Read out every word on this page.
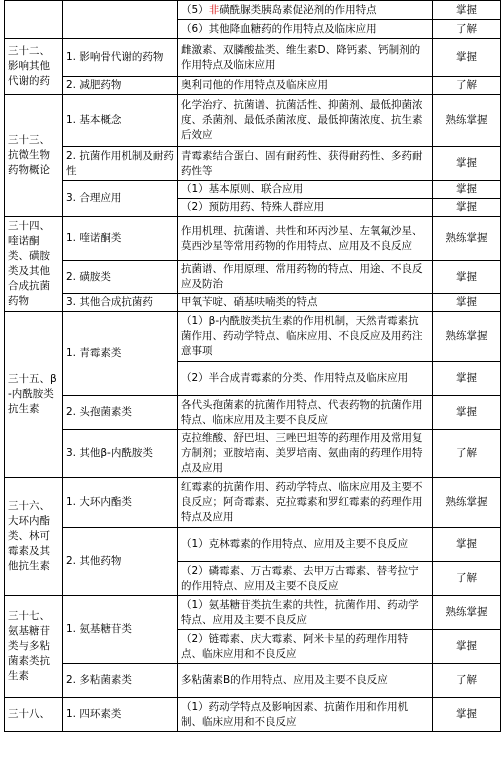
		（5）非磺酰脲类胰岛素促泌剂的作用特点	掌握
		（6）其他降血糖药的作用特点及临床应用	了解
三十二、影响其他代谢的药	1. 影响骨代谢的药物	雌激素、双膦酸盐类、维生素D、降钙素、钙制剂的作用特点及临床应用	掌握
	2. 减肥药物	奥利司他的作用特点及临床应用	了解
三十三、抗微生物药物概论	1. 基本概念	化学治疗、抗菌谱、抗菌活性、抑菌剂、最低抑菌浓度、杀菌剂、最低杀菌浓度、最低抑菌浓度、抗生素后效应	熟练掌握
	2. 抗菌作用机制及耐药性	青霉素结合蛋白、固有耐药性、获得耐药性、多药耐药性等	掌握
	3. 合理应用	（1）基本原则、联合应用	掌握
		（2）预防用药、特殊人群应用	掌握
三十四、喹诺酮类、磺胺类及其他合成抗菌药物	1. 喹诺酮类	作用机理、抗菌谱、共性和环丙沙星、左氧氟沙星、莫西沙星等常用药物的作用特点、应用及不良反应	熟练掌握
	2. 磺胺类	抗菌谱、作用原理、常用药物的特点、用途、不良反应及防治	掌握
	3. 其他合成抗菌药	甲氧苄啶、硝基呋喃类的特点	掌握
三十五、β-内酰胺类抗生素	1. 青霉素类	（1）β-内酰胺类抗生素的作用机制，天然青霉素抗菌作用、药动学特点、临床应用、不良反应及用药注意事项	熟练掌握
		（2）半合成青霉素的分类、作用特点及临床应用	掌握
	2. 头孢菌素类	各代头孢菌素的抗菌作用特点、代表药物的抗菌作用特点、临床应用及主要不良反应	掌握
	3. 其他β-内酰胺类	克拉维酸、舒巴坦、三唑巴坦等的药理作用及常用复方制剂；亚胺培南、美罗培南、氨曲南的药理作用特点及应用	了解
三十六、大环内酯类、林可霉素及其他抗生素	1. 大环内酯类	红霉素的抗菌作用、药动学特点、临床应用及主要不良反应；阿奇霉素、克拉霉素和罗红霉素的药理作用特点及应用	熟练掌握
	2. 其他药物	（1）克林霉素的作用特点、应用及主要不良反应	掌握
		（2）磷霉素、万古霉素、去甲万古霉素、替考拉宁的作用特点、应用及主要不良反应	了解
三十七、氨基糖苷类与多粘菌素类抗生素	1. 氨基糖苷类	（1）氨基糖苷类抗生素的共性，抗菌作用、药动学特点、应用及主要不良反应	熟练掌握
		（2）链霉素、庆大霉素、阿米卡星的药理作用特点、临床应用和不良反应	掌握
	2. 多粘菌素类	多粘菌素B的作用特点、应用及主要不良反应	了解
三十八、	1. 四环素类	（1）药动学特点及影响因素、抗菌作用和作用机制、临床应用和不良反应	掌握
